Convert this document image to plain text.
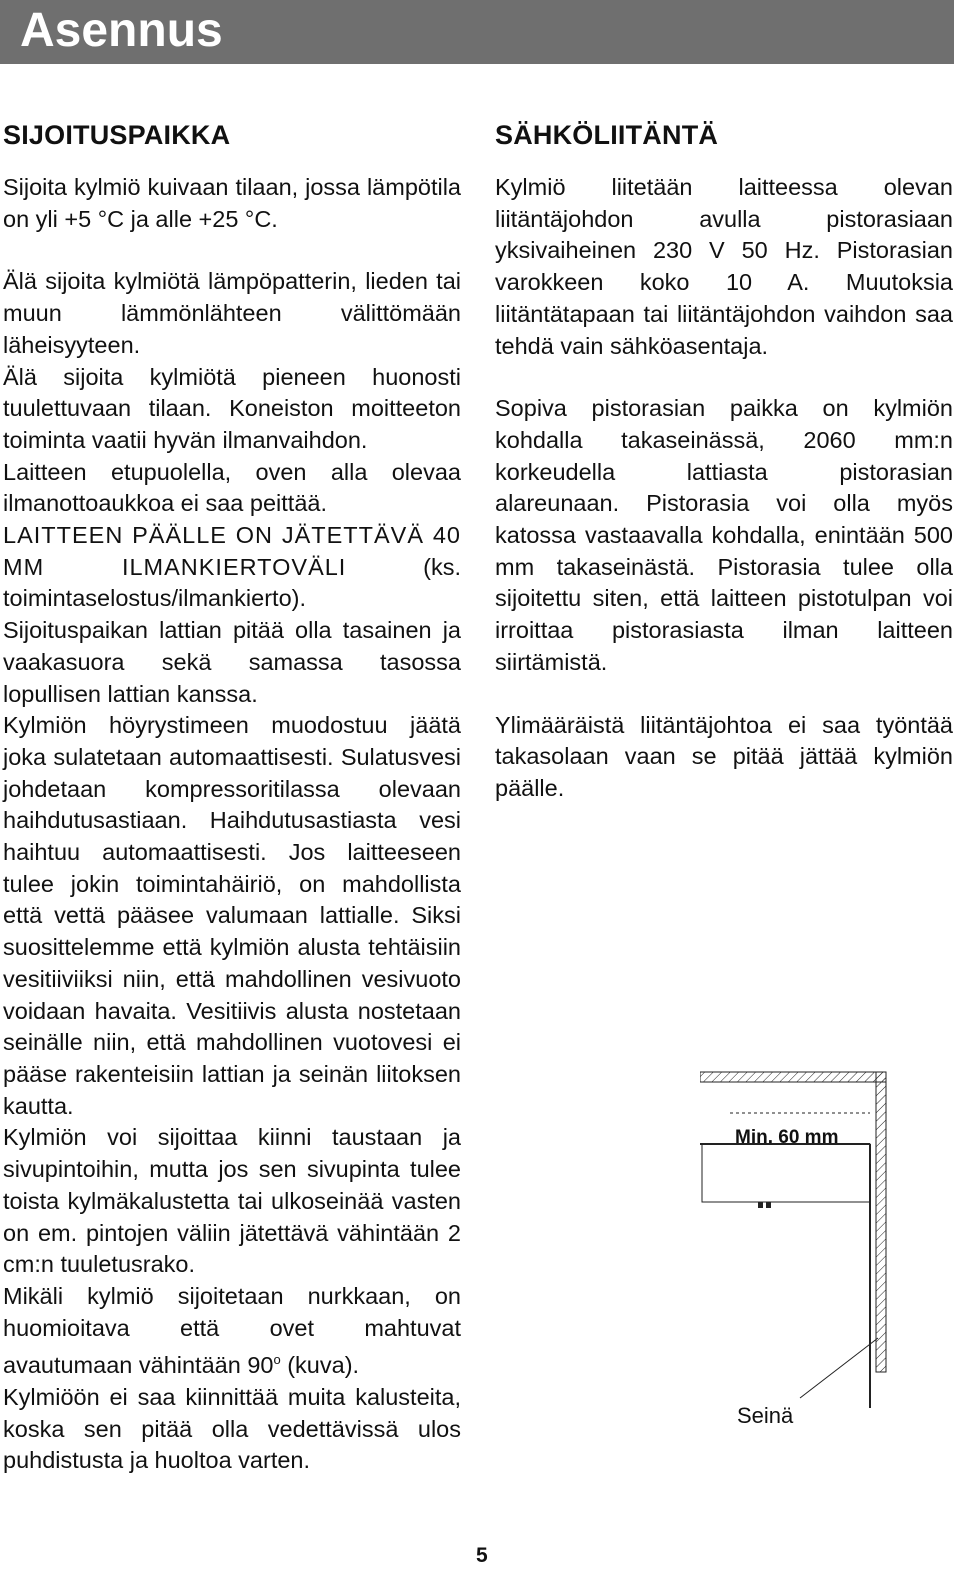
Asennus
SIJOITUSPAIKKA

Sijoita kylmiö kuivaan tilaan, jossa lämpötila on yli +5 °C ja alle +25 °C.

Älä sijoita kylmiötä lämpöpatterin, lieden tai muun lämmönlähteen välittömään läheisyyteen.

Älä sijoita kylmiötä pieneen huonosti tuulettuvaan tilaan. Koneiston moitteeton toiminta vaatii hyvän ilmanvaihdon.

Laitteen etupuolella, oven alla olevaa ilmanottoaukkoa ei saa peittää.

LAITTEEN PÄÄLLE ON JÄTETTÄVÄ 40 MM ILMANKIERTOVÄLI (ks. toimintaselostus/ilmankierto).

Sijoituspaikan lattian pitää olla tasainen ja vaakasuora sekä samassa tasossa lopullisen lattian kanssa.

Kylmiön höyrystimeen muodostuu jäätä joka sulatetaan automaattisesti. Sulatusvesi johdetaan kompressoritilassa olevaan haihdutusastiaan. Haihdutusastiasta vesi haihtuu automaattisesti. Jos laitteeseen tulee jokin toimintahäiriö, on mahdollista että vettä pääsee valumaan lattialle. Siksi suosittelemme että kylmiön alusta tehtäisiin vesitiiviiksi niin, että mahdollinen vesivuoto voidaan havaita. Vesitiivis alusta nostetaan seinälle niin, että mahdollinen vuotovesi ei pääse rakenteisiin lattian ja seinän liitoksen kautta.

Kylmiön voi sijoittaa kiinni taustaan ja sivupintoihin, mutta jos sen sivupinta tulee toista kylmäkalustetta tai ulkoseinää vasten on em. pintojen väliin jätettävä vähintään 2 cm:n tuuletusrako.

Mikäli kylmiö sijoitetaan nurkkaan, on huomioitava että ovet mahtuvat avautumaan vähintään 90$^o$ (kuva).

Kylmiöön ei saa kiinnittää muita kalusteita, koska sen pitää olla vedettävissä ulos puhdistusta ja huoltoa varten.

SÄHKÖLIITÄNTÄ

Kylmiö liitetään laitteessa olevan liitäntäjohdon avulla pistorasiaan yksivaiheinen 230 V 50 Hz. Pistorasian varokkeen koko 10 A. Muutoksia liitäntätapaan tai liitäntäjohdon vaihdon saa tehdä vain sähköasentaja.

Sopiva pistorasian paikka on kylmiön kohdalla takaseinässä, 2060 mm:n korkeudella lattiasta pistorasian alareunaan. Pistorasia voi olla myös katossa vastaavalla kohdalla, enintään 500 mm takaseinästä. Pistorasia tulee olla sijoitettu siten, että laitteen pistotulpan voi irroittaa pistorasiasta ilman laitteen siirtämistä.

Ylimääräistä liitäntäjohtoa ei saa työntää takasolaan vaan se pitää jättää kylmiön päälle.

Min. 60 mm
Seinä
5
